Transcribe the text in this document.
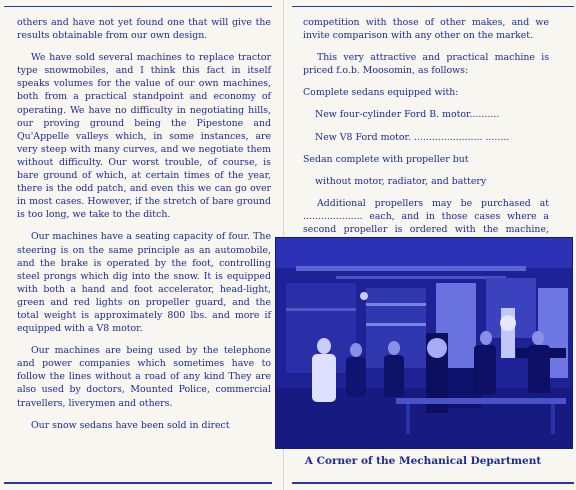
others and have not yet found one that will give the results obtainable from our own design.

We have sold several machines to replace tractor type snowmobiles, and I think this fact in itself speaks volumes for the value of our own machines, both from a practical standpoint and economy of operating. We have no difficulty in negotiating hills, our proving ground being the Pipestone and Qu'Appelle valleys which, in some instances, are very steep with many curves, and we negotiate them without difficulty. Our worst trouble, of course, is bare ground of which, at certain times of the year, there is the odd patch, and even this we can go over in most cases. However, if the stretch of bare ground is too long, we take to the ditch.

Our machines have a seating capacity of four. The steering is on the same principle as an automobile, and the brake is operated by the foot, controlling steel prongs which dig into the snow. It is equipped with both a hand and foot accelerator, head-light, green and red lights on propeller guard, and the total weight is approximately 800 lbs. and more if equipped with a V8 motor.

Our machines are being used by the telephone and power companies which sometimes have to follow the lines without a road of any kind They are also used by doctors, Mounted Police, commercial travellers, liverymen and others.

Our snow sedans have been sold in direct

competition with those of other makes, and we invite comparison with any other on the market.

This very attractive and practical machine is priced f.o.b. Moosomin, as follows:

Complete sedans equipped with:

New four-cylinder Ford B. motor..........

New V8 Ford motor. ....................... ........

Sedan complete with propeller but

without motor, radiator, and battery

Additional propellers may be purchased at .................... each, and in those cases where a second propeller is ordered with the machine,

A Corner of the Mechanical Department
